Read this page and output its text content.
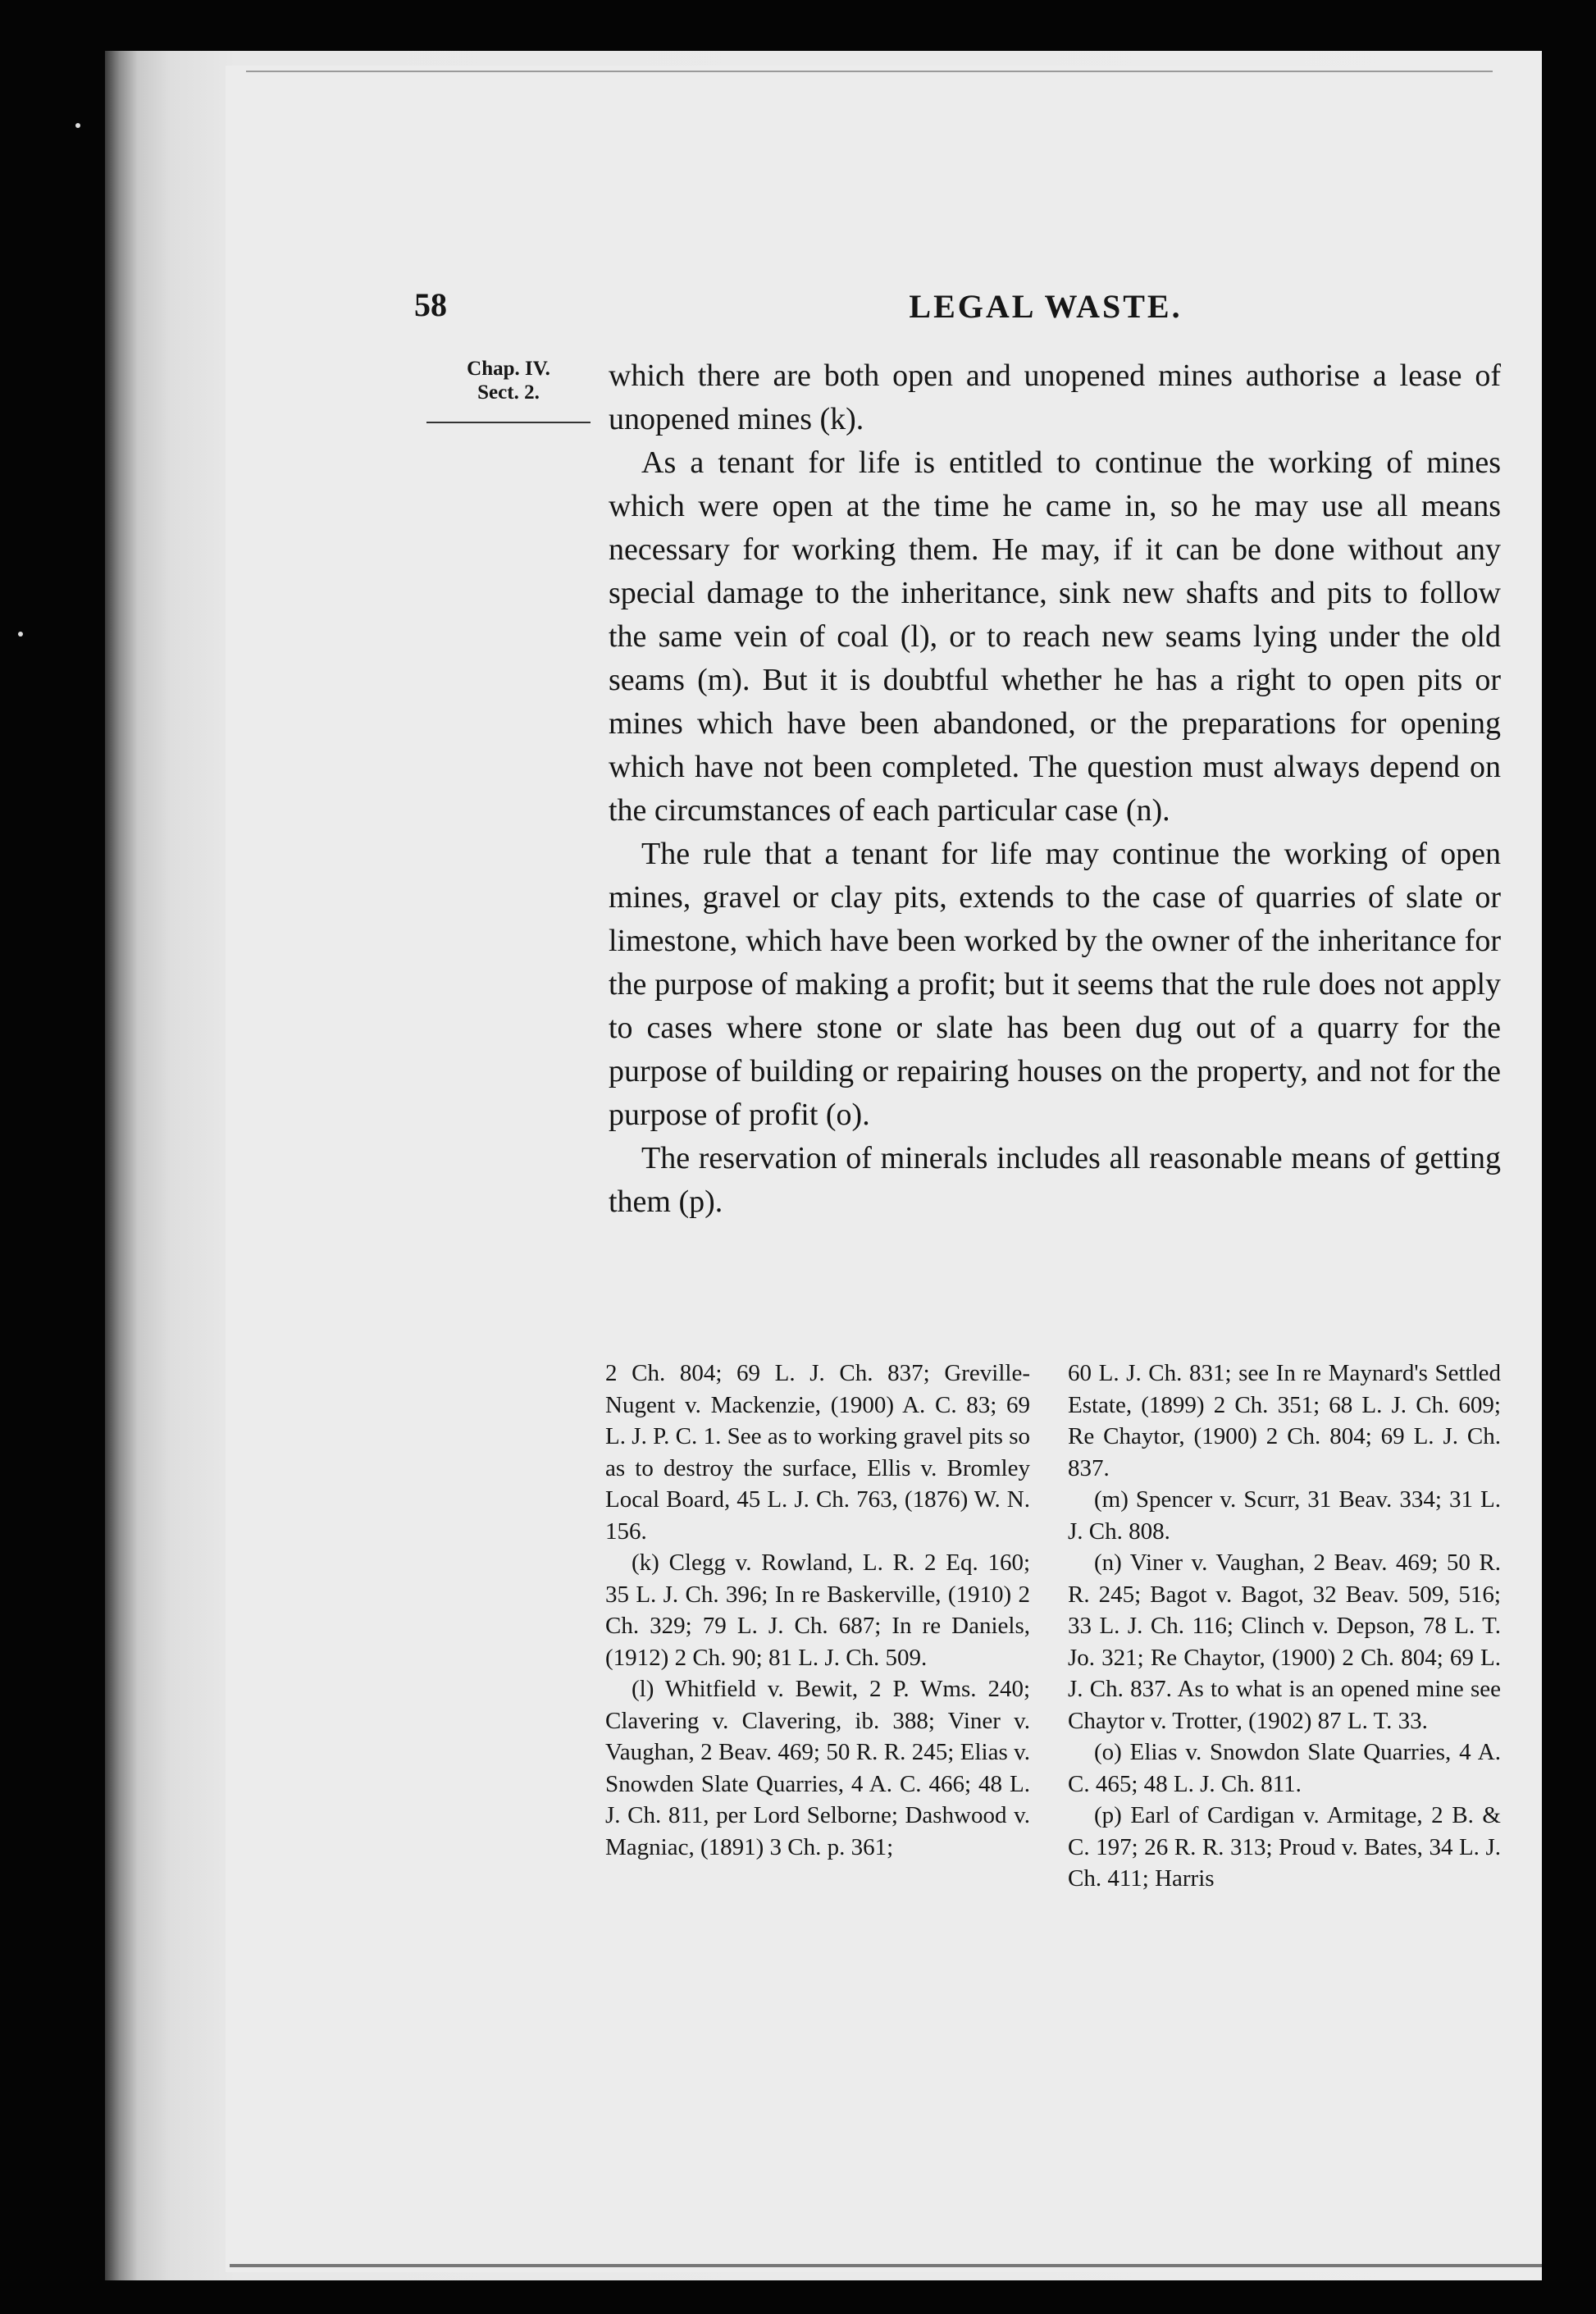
58	LEGAL WASTE.
Chap. IV.
Sect. 2.	which there are both open and unopened mines authorise a lease of unopened mines (k).

As a tenant for life is entitled to continue the working of mines which were open at the time he came in, so he may use all means necessary for working them. He may, if it can be done without any special damage to the inheritance, sink new shafts and pits to follow the same vein of coal (l), or to reach new seams lying under the old seams (m). But it is doubtful whether he has a right to open pits or mines which have been abandoned, or the preparations for opening which have not been completed. The question must always depend on the circumstances of each particular case (n).

The rule that a tenant for life may continue the working of open mines, gravel or clay pits, extends to the case of quarries of slate or limestone, which have been worked by the owner of the inheritance for the purpose of making a profit; but it seems that the rule does not apply to cases where stone or slate has been dug out of a quarry for the purpose of building or repairing houses on the property, and not for the purpose of profit (o).

The reservation of minerals includes all reasonable means of getting them (p).

2 Ch. 804; 69 L. J. Ch. 837; Greville-Nugent v. Mackenzie, (1900) A. C. 83; 69 L. J. P. C. 1. See as to working gravel pits so as to destroy the surface, Ellis v. Bromley Local Board, 45 L. J. Ch. 763, (1876) W. N. 156.

(k) Clegg v. Rowland, L. R. 2 Eq. 160; 35 L. J. Ch. 396; In re Baskerville, (1910) 2 Ch. 329; 79 L. J. Ch. 687; In re Daniels, (1912) 2 Ch. 90; 81 L. J. Ch. 509.

(l) Whitfield v. Bewit, 2 P. Wms. 240; Clavering v. Clavering, ib. 388; Viner v. Vaughan, 2 Beav. 469; 50 R. R. 245; Elias v. Snowden Slate Quarries, 4 A. C. 466; 48 L. J. Ch. 811, per Lord Selborne; Dashwood v. Magniac, (1891) 3 Ch. p. 361;

60 L. J. Ch. 831; see In re Maynard's Settled Estate, (1899) 2 Ch. 351; 68 L. J. Ch. 609; Re Chaytor, (1900) 2 Ch. 804; 69 L. J. Ch. 837.

(m) Spencer v. Scurr, 31 Beav. 334; 31 L. J. Ch. 808.

(n) Viner v. Vaughan, 2 Beav. 469; 50 R. R. 245; Bagot v. Bagot, 32 Beav. 509, 516; 33 L. J. Ch. 116; Clinch v. Depson, 78 L. T. Jo. 321; Re Chaytor, (1900) 2 Ch. 804; 69 L. J. Ch. 837. As to what is an opened mine see Chaytor v. Trotter, (1902) 87 L. T. 33.

(o) Elias v. Snowdon Slate Quarries, 4 A. C. 465; 48 L. J. Ch. 811.

(p) Earl of Cardigan v. Armitage, 2 B. & C. 197; 26 R. R. 313; Proud v. Bates, 34 L. J. Ch. 411; Harris
